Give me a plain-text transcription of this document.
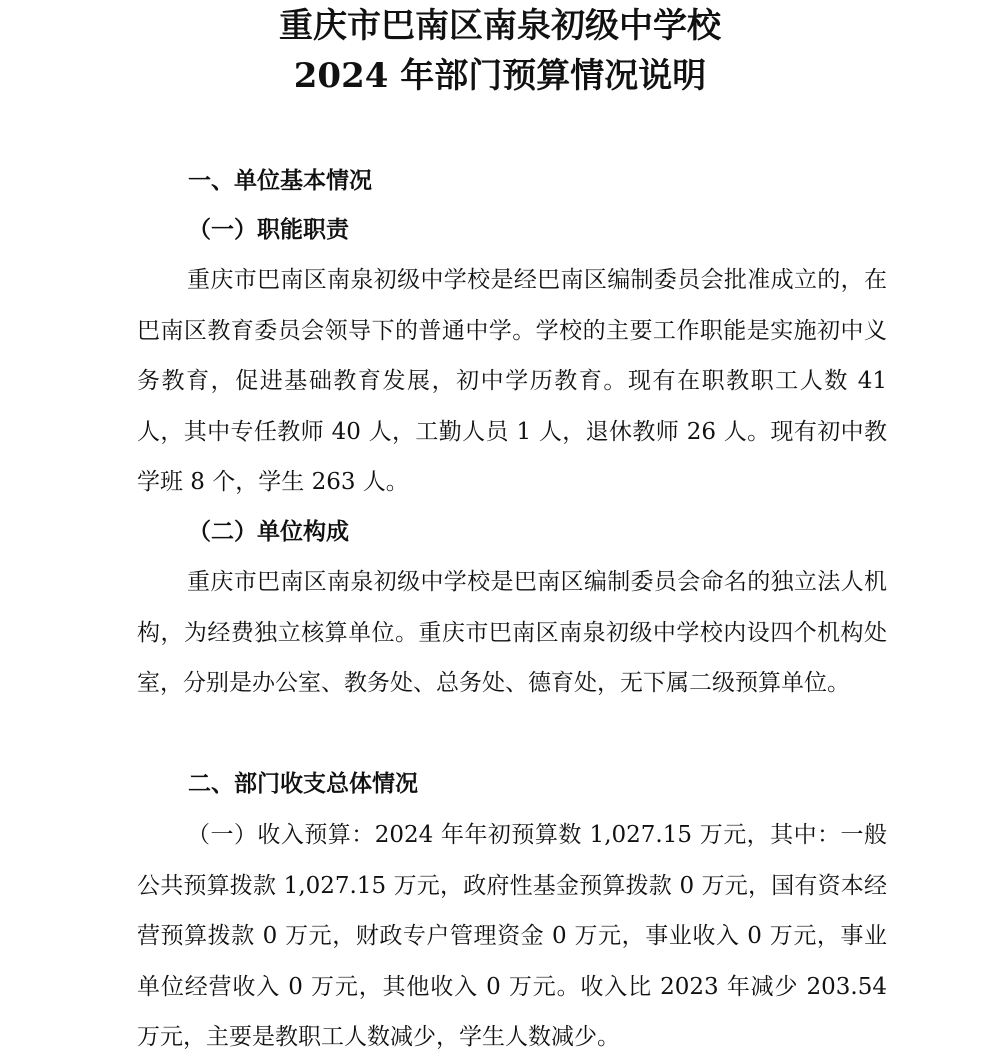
重庆市巴南区南泉初级中学校
2024 年部门预算情况说明
一、单位基本情况
（一）职能职责

重庆市巴南区南泉初级中学校是经巴南区编制委员会批准成立的，在巴南区教育委员会领导下的普通中学。学校的主要工作职能是实施初中义务教育，促进基础教育发展，初中学历教育。现有在职教职工人数 41 人，其中专任教师 40 人，工勤人员 1 人，退休教师 26 人。现有初中教学班 8 个，学生 263 人。

（二）单位构成

重庆市巴南区南泉初级中学校是巴南区编制委员会命名的独立法人机构，为经费独立核算单位。重庆市巴南区南泉初级中学校内设四个机构处室，分别是办公室、教务处、总务处、德育处，无下属二级预算单位。

二、部门收支总体情况

（一）收入预算：2024 年年初预算数 1,027.15 万元，其中：一般公共预算拨款 1,027.15 万元，政府性基金预算拨款 0 万元，国有资本经营预算拨款 0 万元，财政专户管理资金 0 万元，事业收入 0 万元，事业单位经营收入 0 万元，其他收入 0 万元。收入比 2023 年减少 203.54 万元，主要是教职工人数减少，学生人数减少。
